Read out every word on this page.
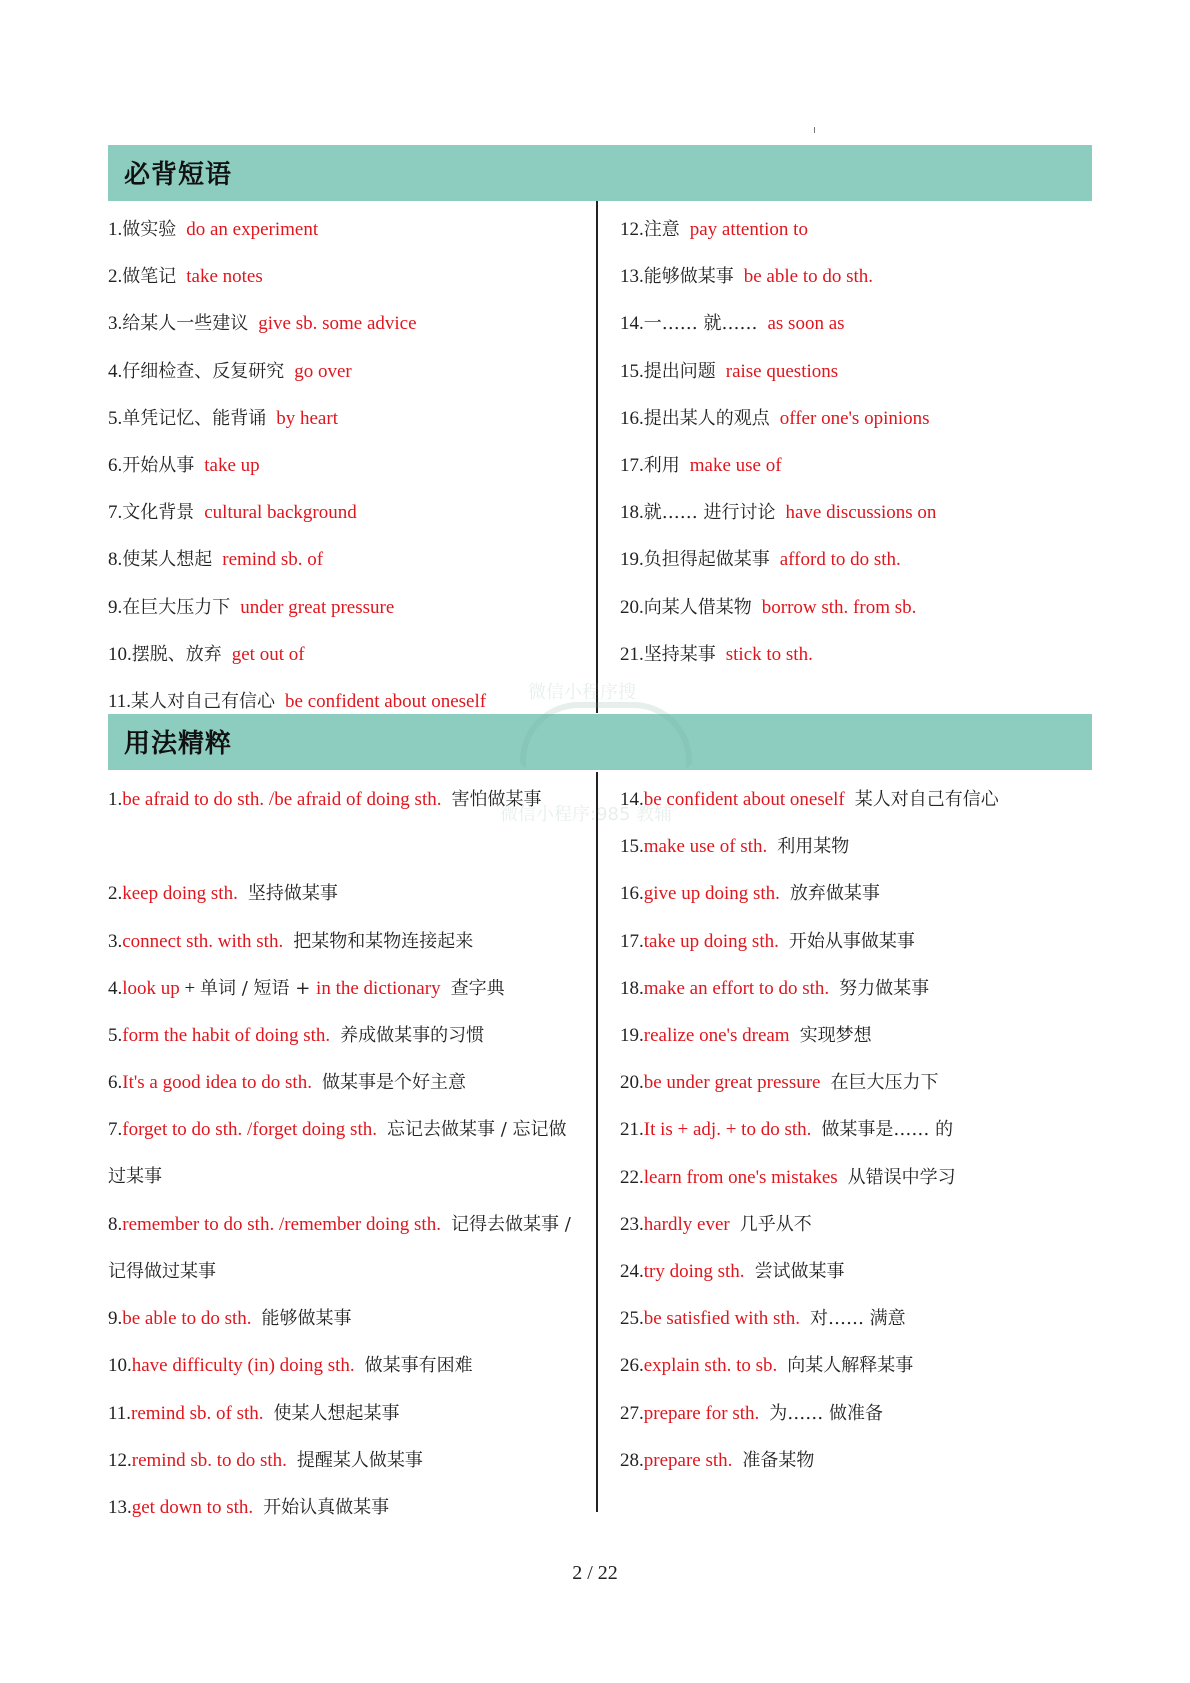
必背短语
1.做实验 do an experiment
2.做笔记 take notes
3.给某人一些建议 give sb. some advice
4.仔细检查、反复研究 go over
5.单凭记忆、能背诵 by heart
6.开始从事 take up
7.文化背景 cultural background
8.使某人想起 remind sb. of
9.在巨大压力下 under great pressure
10.摆脱、放弃 get out of
11.某人对自己有信心 be confident about oneself
12.注意 pay attention to
13.能够做某事 be able to do sth.
14.一…… 就…… as soon as
15.提出问题 raise questions
16.提出某人的观点 offer one's opinions
17.利用 make use of
18.就…… 进行讨论 have discussions on
19.负担得起做某事 afford to do sth.
20.向某人借某物 borrow sth. from sb.
21.坚持某事 stick to sth.
用法精粹
1.be afraid to do sth. /be afraid of doing sth. 害怕做某事
2.keep doing sth. 坚持做某事
3.connect sth. with sth. 把某物和某物连接起来
4.look up + 单词 / 短语 + in the dictionary 查字典
5.form the habit of doing sth. 养成做某事的习惯
6.It's a good idea to do sth. 做某事是个好主意
7.forget to do sth. /forget doing sth. 忘记去做某事 / 忘记做过某事
8.remember to do sth. /remember doing sth. 记得去做某事 / 记得做过某事
9.be able to do sth. 能够做某事
10.have difficulty (in) doing sth. 做某事有困难
11.remind sb. of sth. 使某人想起某事
12.remind sb. to do sth. 提醒某人做某事
13.get down to sth. 开始认真做某事
14.be confident about oneself 某人对自己有信心
15.make use of sth. 利用某物
16.give up doing sth. 放弃做某事
17.take up doing sth. 开始从事做某事
18.make an effort to do sth. 努力做某事
19.realize one's dream 实现梦想
20.be under great pressure 在巨大压力下
21.It is + adj. + to do sth. 做某事是…… 的
22.learn from one's mistakes 从错误中学习
23.hardly ever 几乎从不
24.try doing sth. 尝试做某事
25.be satisfied with sth. 对…… 满意
26.explain sth. to sb. 向某人解释某事
27.prepare for sth. 为…… 做准备
28.prepare sth. 准备某物
微信小程序搜
微信小程序:985 教辅
2 / 22
